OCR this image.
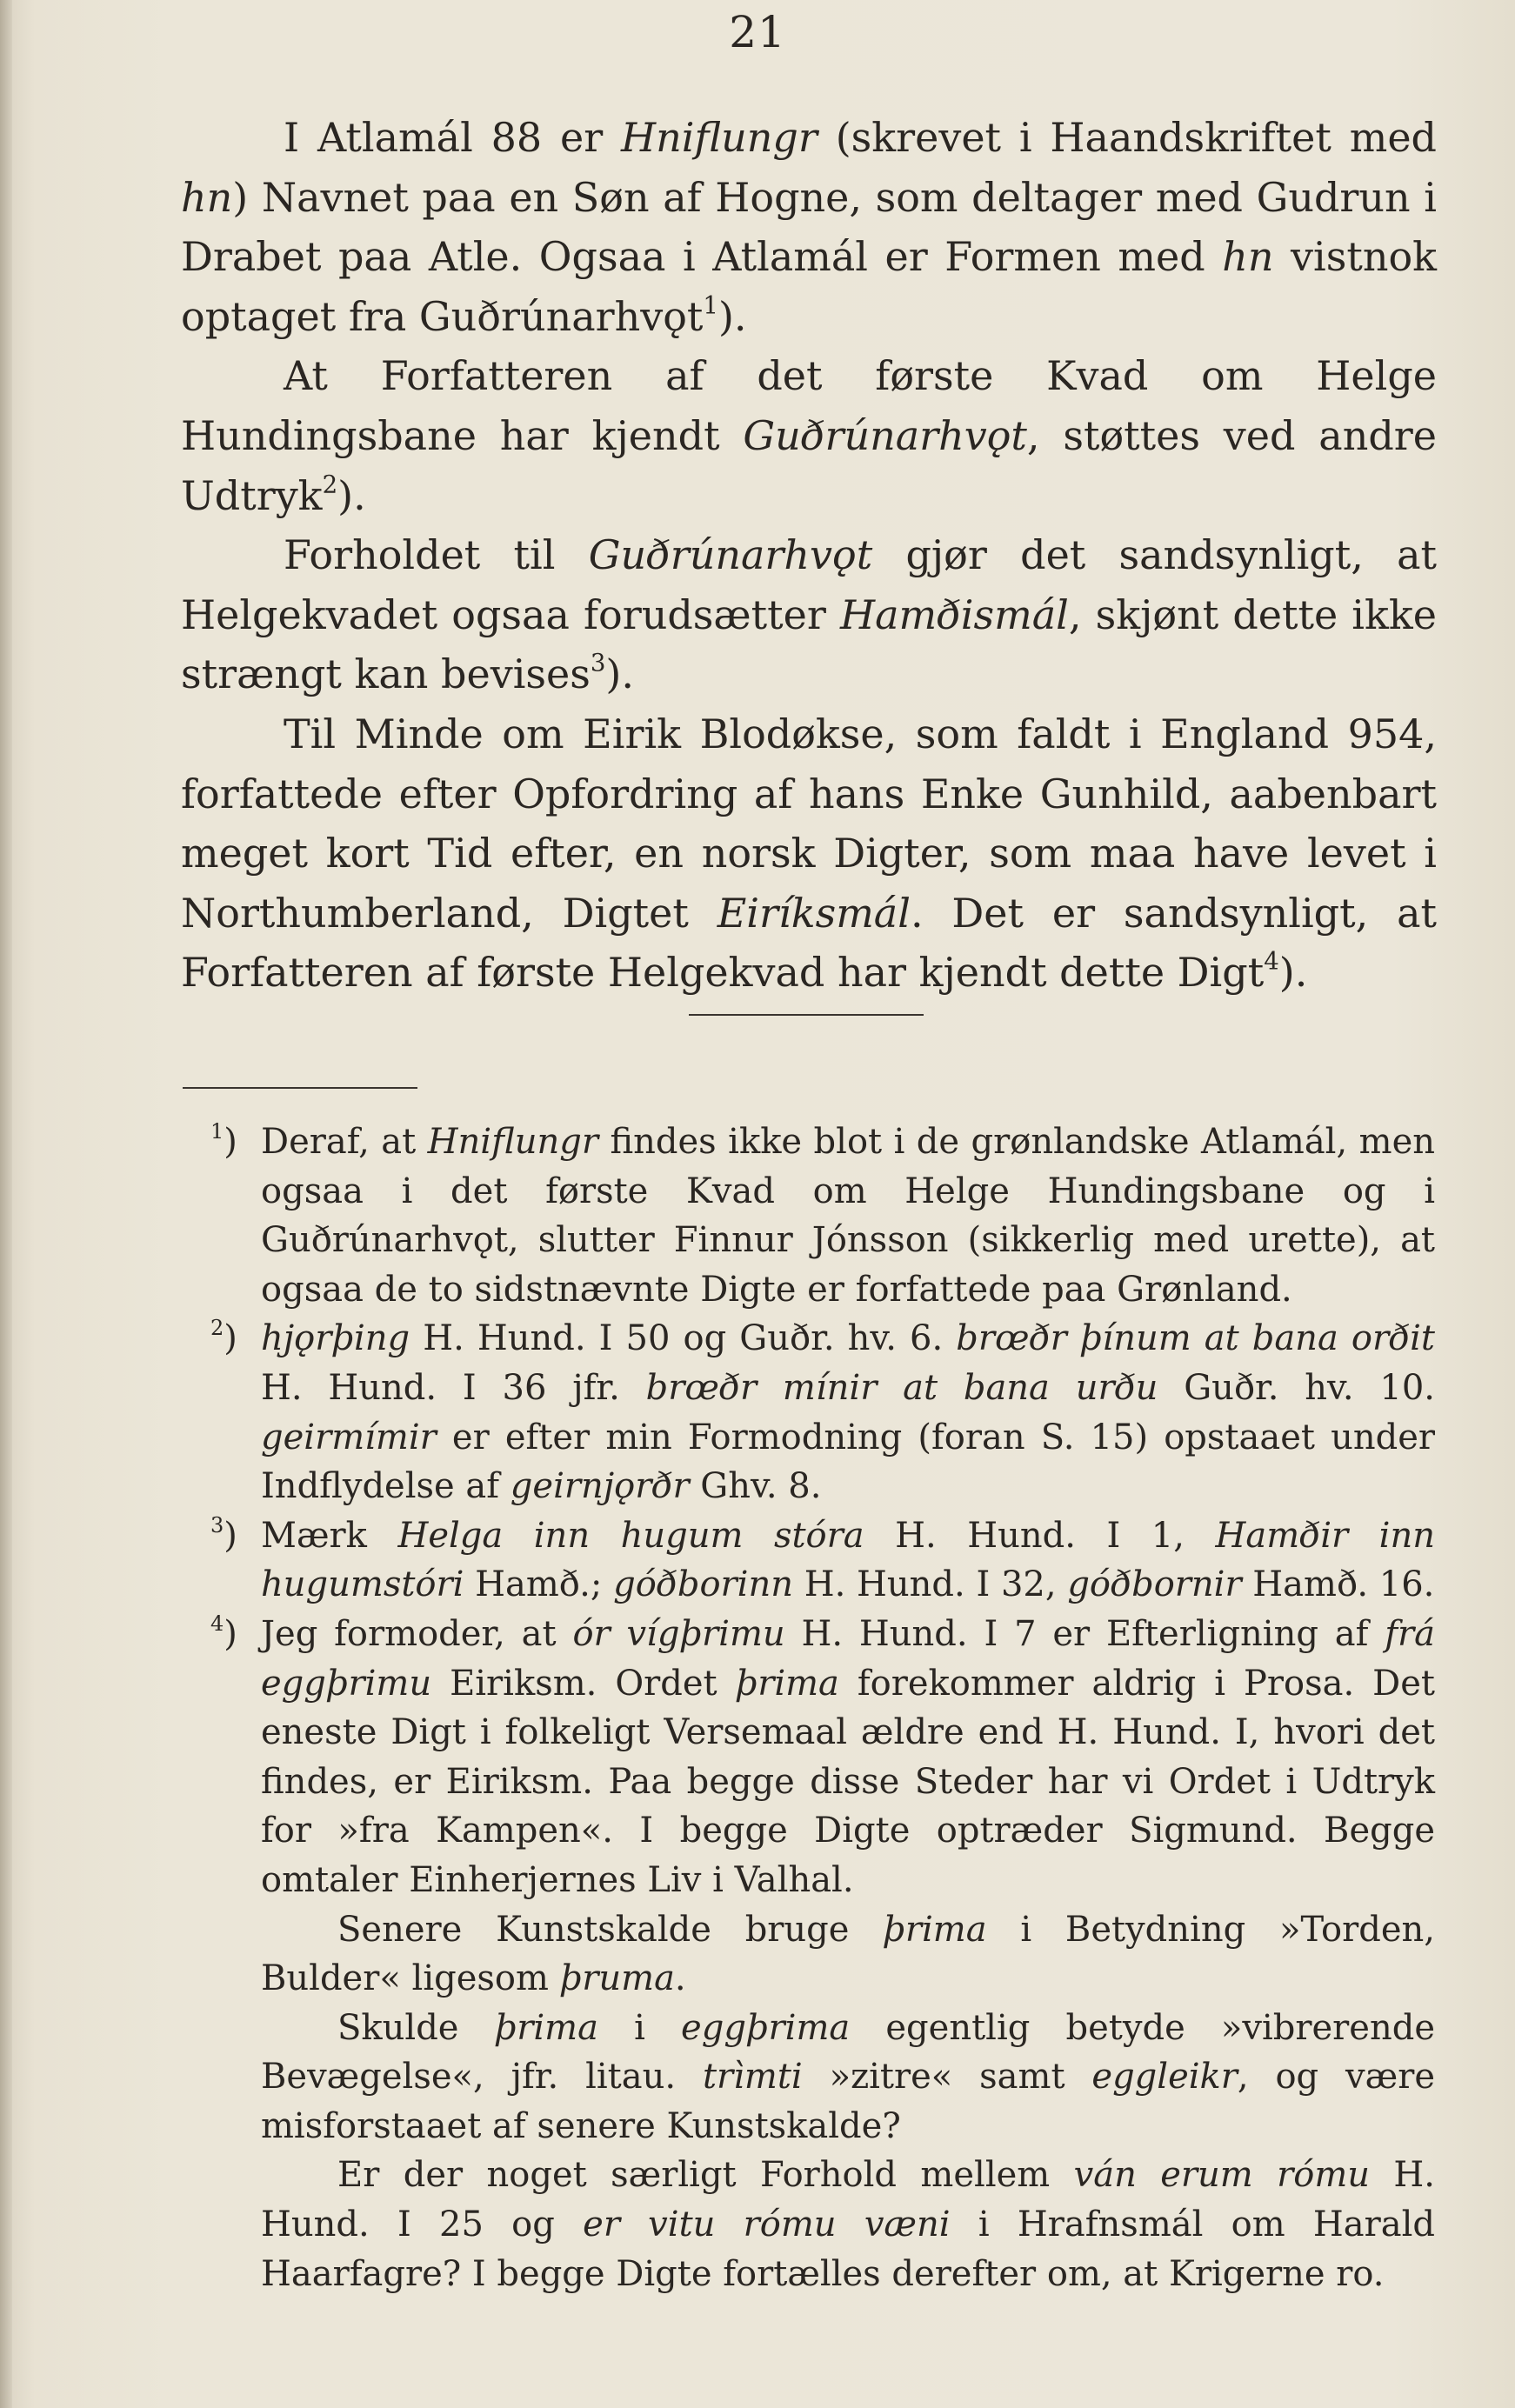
21

I Atlamál 88 er Hniflungr (skrevet i Haandskriftet med hn) Navnet paa en Søn af Hogne, som deltager med Gudrun i Drabet paa Atle. Ogsaa i Atlamál er Formen med hn vistnok optaget fra Guðrúnarhvǫt$^1$).

At Forfatteren af det første Kvad om Helge Hundingsbane har kjendt Guðrúnarhvǫt, støttes ved andre Udtryk$^2$).

Forholdet til Guðrúnarhvǫt gjør det sandsynligt, at Helgekvadet ogsaa forudsætter Hamðismál, skjønt dette ikke strængt kan bevises$^3$).

Til Minde om Eirik Blodøkse, som faldt i England 954, forfattede efter Opfordring af hans Enke Gunhild, aabenbart meget kort Tid efter, en norsk Digter, som maa have levet i Northumberland, Digtet Eiríksmál. Det er sandsynligt, at Forfatteren af første Helgekvad har kjendt dette Digt$^4$).

$^1$) Deraf, at Hniflungr findes ikke blot i de grønlandske Atlamál, men ogsaa i det første Kvad om Helge Hundingsbane og i Guðrúnarhvǫt, slutter Finnur Jónsson (sikkerlig med urette), at ogsaa de to sidstnævnte Digte er forfattede paa Grønland.

$^2$) hjǫrþing H. Hund. I 50 og Guðr. hv. 6. brœðr þínum at bana orðit H. Hund. I 36 jfr. brœðr mínir at bana urðu Guðr. hv. 10. geirmímir er efter min Formodning (foran S. 15) opstaaet under Indflydelse af geirnjǫrðr Ghv. 8.

$^3$) Mærk Helga inn hugum stóra H. Hund. I 1, Hamðir inn hugumstóri Hamð.; góðborinn H. Hund. I 32, góðbornir Hamð. 16.

$^4$) Jeg formoder, at ór vígþrimu H. Hund. I 7 er Efterligning af frá eggþrimu Eiriksm. Ordet þrima forekommer aldrig i Prosa. Det eneste Digt i folkeligt Versemaal ældre end H. Hund. I, hvori det findes, er Eiriksm. Paa begge disse Steder har vi Ordet i Udtryk for »fra Kampen«. I begge Digte optræder Sigmund. Begge omtaler Einherjernes Liv i Valhal.

Senere Kunstskalde bruge þrima i Betydning »Torden, Bulder« ligesom þruma.

Skulde þrima i eggþrima egentlig betyde »vibrerende Bevægelse«, jfr. litau. trìmti »zitre« samt eggleikr, og være misforstaaet af senere Kunstskalde?

Er der noget særligt Forhold mellem ván erum rómu H. Hund. I 25 og er vitu rómu væni i Hrafnsmál om Harald Haarfagre? I begge Digte fortælles derefter om, at Krigerne ro.
